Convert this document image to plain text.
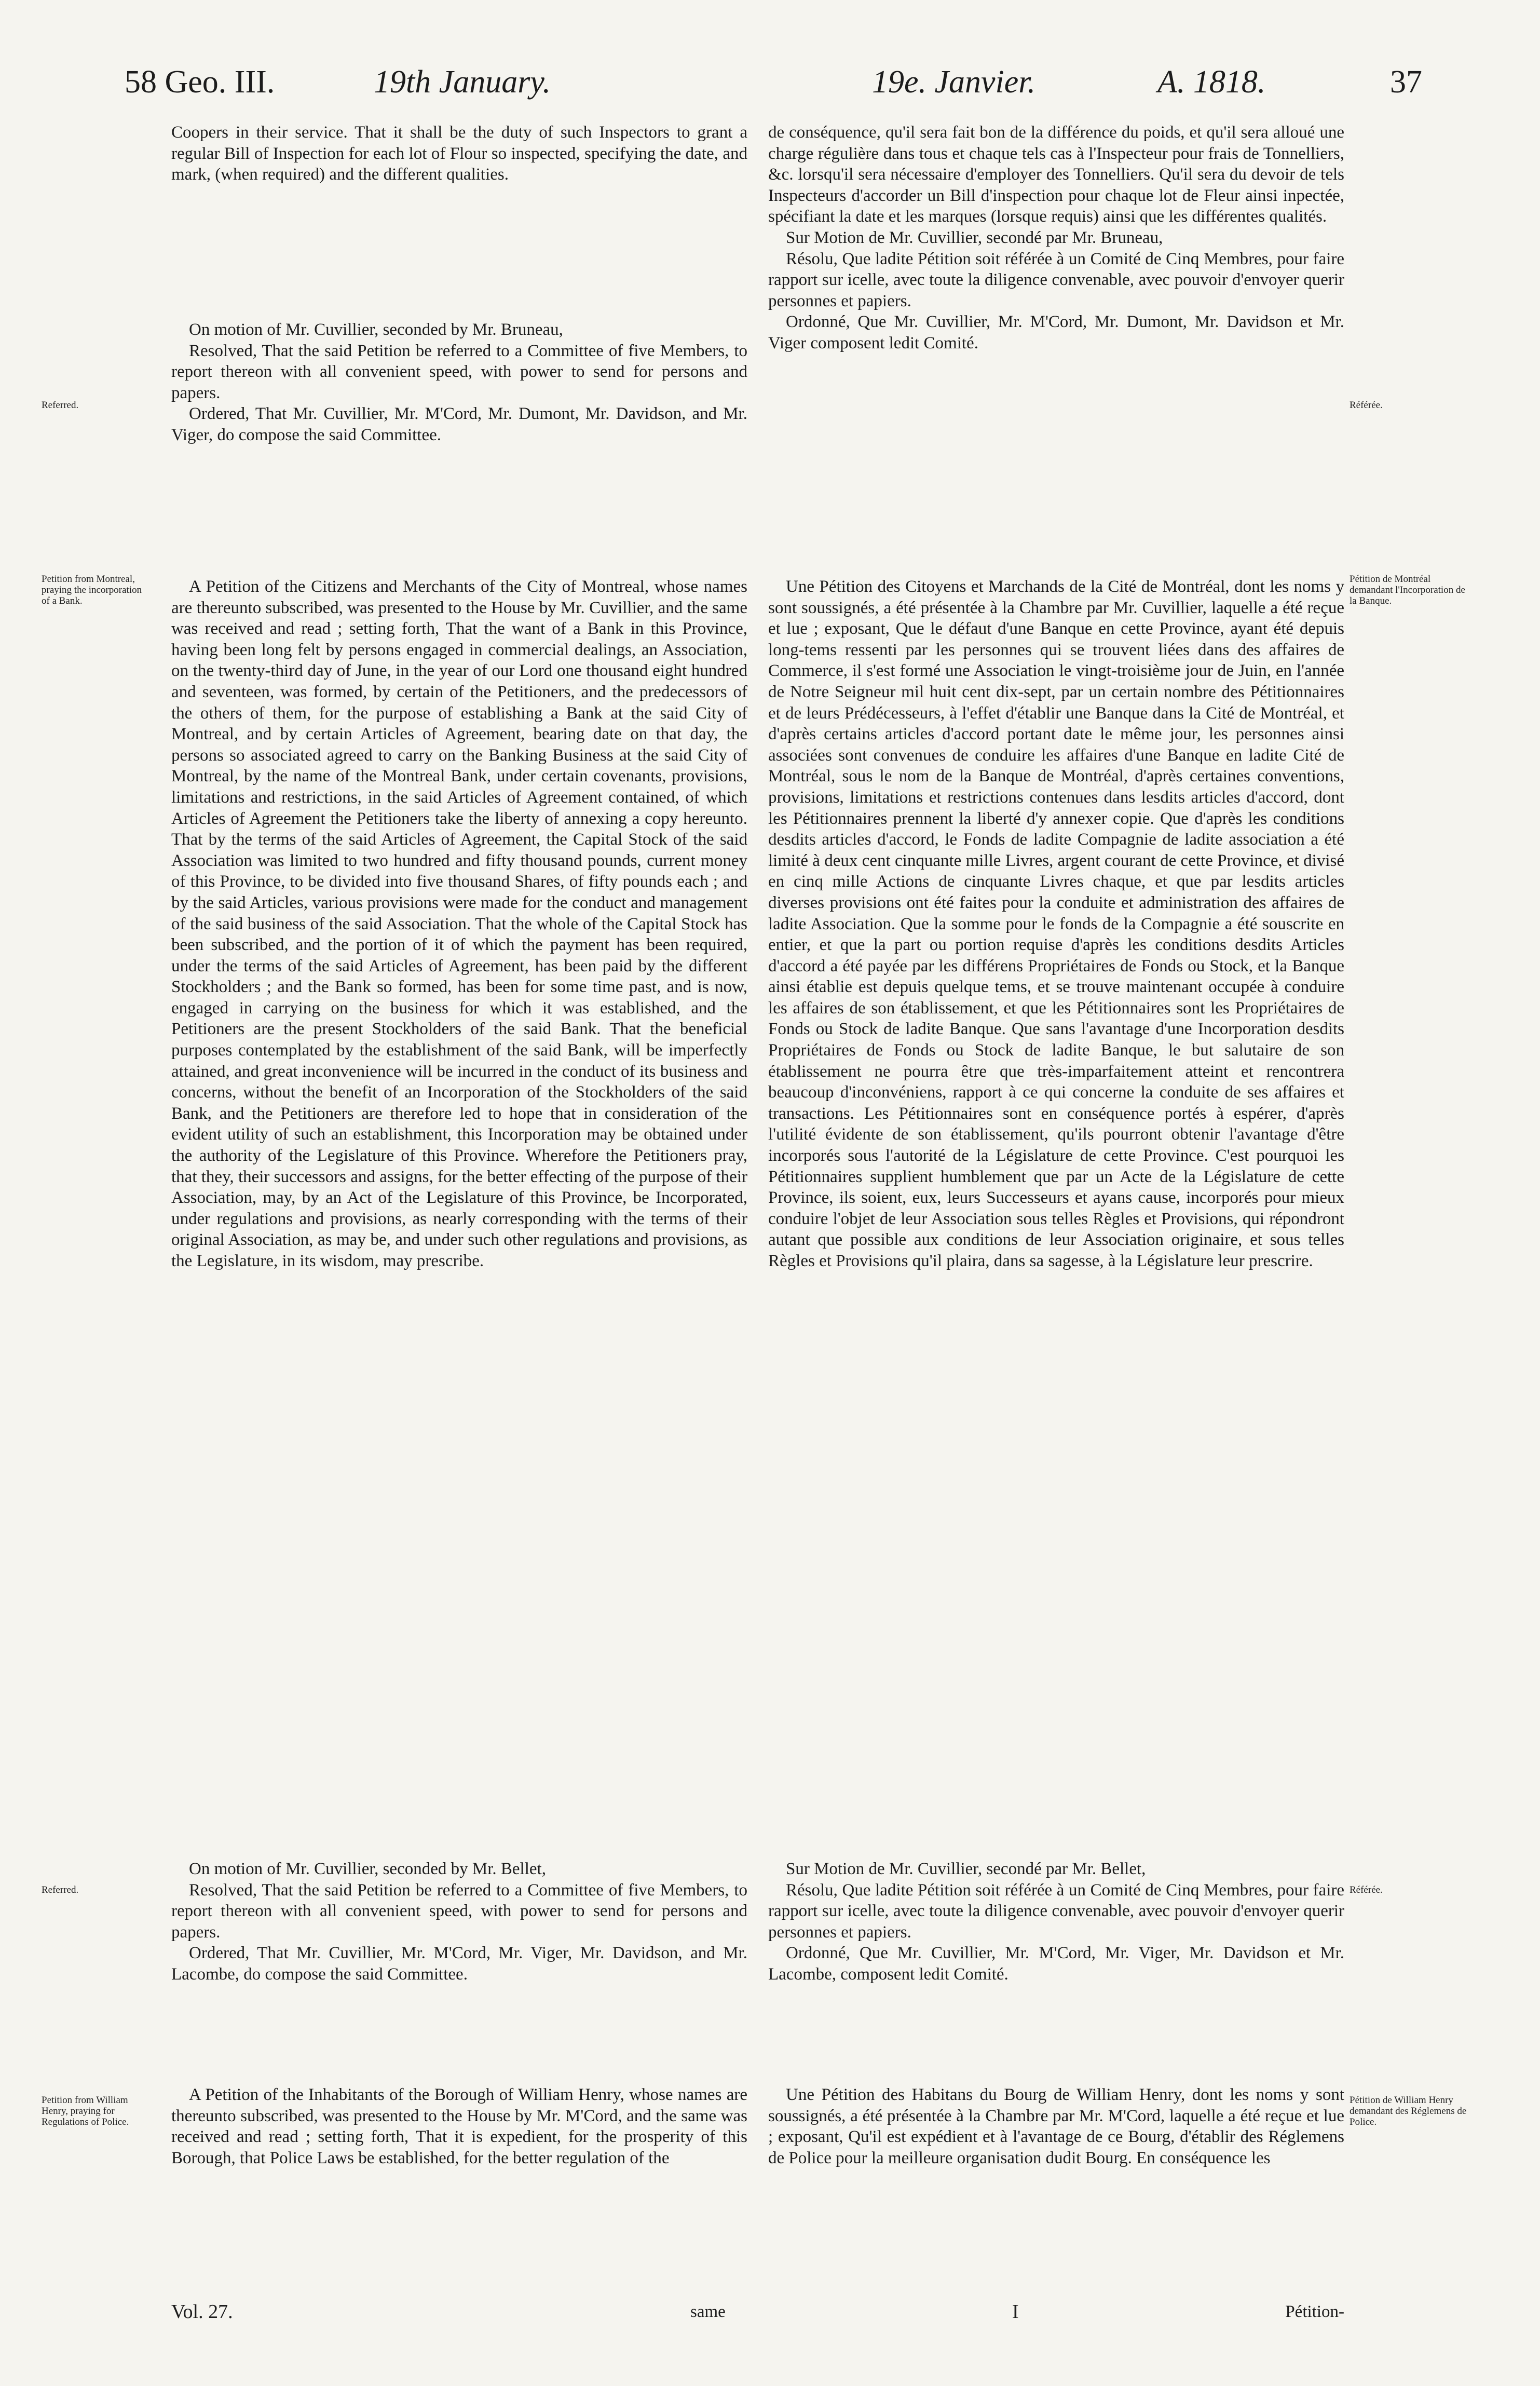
58 Geo. III.	19th January.	19e. Janvier.	A. 1818.	37

Coopers in their service. That it shall be the duty of such Inspectors to grant a regular Bill of Inspection for each lot of Flour so inspected, specifying the date, and mark, (when required) and the different qualities.

On motion of Mr. Cuvillier, seconded by Mr. Bruneau,

Resolved, That the said Petition be referred to a Committee of five Members, to report thereon with all convenient speed, with power to send for persons and papers.

Ordered, That Mr. Cuvillier, Mr. M'Cord, Mr. Dumont, Mr. Davidson, and Mr. Viger, do compose the said Committee.

A Petition of the Citizens and Merchants of the City of Montreal, whose names are thereunto subscribed, was presented to the House by Mr. Cuvillier, and the same was received and read ; setting forth, That the want of a Bank in this Province, having been long felt by persons engaged in commercial dealings, an Association, on the twenty-third day of June, in the year of our Lord one thousand eight hundred and seventeen, was formed, by certain of the Petitioners, and the predecessors of the others of them, for the purpose of establishing a Bank at the said City of Montreal, and by certain Articles of Agreement, bearing date on that day, the persons so associated agreed to carry on the Banking Business at the said City of Montreal, by the name of the Montreal Bank, under certain covenants, provisions, limitations and restrictions, in the said Articles of Agreement contained, of which Articles of Agreement the Petitioners take the liberty of annexing a copy hereunto. That by the terms of the said Articles of Agreement, the Capital Stock of the said Association was limited to two hundred and fifty thousand pounds, current money of this Province, to be divided into five thousand Shares, of fifty pounds each ; and by the said Articles, various provisions were made for the conduct and management of the said business of the said Association. That the whole of the Capital Stock has been subscribed, and the portion of it of which the payment has been required, under the terms of the said Articles of Agreement, has been paid by the different Stockholders ; and the Bank so formed, has been for some time past, and is now, engaged in carrying on the business for which it was established, and the Petitioners are the present Stockholders of the said Bank. That the beneficial purposes contemplated by the establishment of the said Bank, will be imperfectly attained, and great inconvenience will be incurred in the conduct of its business and concerns, without the benefit of an Incorporation of the Stockholders of the said Bank, and the Petitioners are therefore led to hope that in consideration of the evident utility of such an establishment, this Incorporation may be obtained under the authority of the Legislature of this Province. Wherefore the Petitioners pray, that they, their successors and assigns, for the better effecting of the purpose of their Association, may, by an Act of the Legislature of this Province, be Incorporated, under regulations and provisions, as nearly corresponding with the terms of their original Association, as may be, and under such other regulations and provisions, as the Legislature, in its wisdom, may prescribe.

On motion of Mr. Cuvillier, seconded by Mr. Bellet,

Resolved, That the said Petition be referred to a Committee of five Members, to report thereon with all convenient speed, with power to send for persons and papers.

Ordered, That Mr. Cuvillier, Mr. M'Cord, Mr. Viger, Mr. Davidson, and Mr. Lacombe, do compose the said Committee.

A Petition of the Inhabitants of the Borough of William Henry, whose names are thereunto subscribed, was presented to the House by Mr. M'Cord, and the same was received and read ; setting forth, That it is expedient, for the prosperity of this Borough, that Police Laws be established, for the better regulation of the

de conséquence, qu'il sera fait bon de la différence du poids, et qu'il sera alloué une charge régulière dans tous et chaque tels cas à l'Inspecteur pour frais de Tonnelliers, &c. lorsqu'il sera nécessaire d'employer des Tonnelliers. Qu'il sera du devoir de tels Inspecteurs d'accorder un Bill d'inspection pour chaque lot de Fleur ainsi inpectée, spécifiant la date et les marques (lorsque requis) ainsi que les différentes qualités.

Sur Motion de Mr. Cuvillier, secondé par Mr. Bruneau,

Résolu, Que ladite Pétition soit référée à un Comité de Cinq Membres, pour faire rapport sur icelle, avec toute la diligence convenable, avec pouvoir d'envoyer querir personnes et papiers.

Ordonné, Que Mr. Cuvillier, Mr. M'Cord, Mr. Dumont, Mr. Davidson et Mr. Viger composent ledit Comité.

Une Pétition des Citoyens et Marchands de la Cité de Montréal, dont les noms y sont soussignés, a été présentée à la Chambre par Mr. Cuvillier, laquelle a été reçue et lue ; exposant, Que le défaut d'une Banque en cette Province, ayant été depuis long-tems ressenti par les personnes qui se trouvent liées dans des affaires de Commerce, il s'est formé une Association le vingt-troisième jour de Juin, en l'année de Notre Seigneur mil huit cent dix-sept, par un certain nombre des Pétitionnaires et de leurs Prédécesseurs, à l'effet d'établir une Banque dans la Cité de Montréal, et d'après certains articles d'accord portant date le même jour, les personnes ainsi associées sont convenues de conduire les affaires d'une Banque en ladite Cité de Montréal, sous le nom de la Banque de Montréal, d'après certaines conventions, provisions, limitations et restrictions contenues dans lesdits articles d'accord, dont les Pétitionnaires prennent la liberté d'y annexer copie. Que d'après les conditions desdits articles d'accord, le Fonds de ladite Compagnie de ladite association a été limité à deux cent cinquante mille Livres, argent courant de cette Province, et divisé en cinq mille Actions de cinquante Livres chaque, et que par lesdits articles diverses provisions ont été faites pour la conduite et administration des affaires de ladite Association. Que la somme pour le fonds de la Compagnie a été souscrite en entier, et que la part ou portion requise d'après les conditions desdits Articles d'accord a été payée par les différens Propriétaires de Fonds ou Stock, et la Banque ainsi établie est depuis quelque tems, et se trouve maintenant occupée à conduire les affaires de son établissement, et que les Pétitionnaires sont les Propriétaires de Fonds ou Stock de ladite Banque. Que sans l'avantage d'une Incorporation desdits Propriétaires de Fonds ou Stock de ladite Banque, le but salutaire de son établissement ne pourra être que très-imparfaitement atteint et rencontrera beaucoup d'inconvéniens, rapport à ce qui concerne la conduite de ses affaires et transactions. Les Pétitionnaires sont en conséquence portés à espérer, d'après l'utilité évidente de son établissement, qu'ils pourront obtenir l'avantage d'être incorporés sous l'autorité de la Législature de cette Province. C'est pourquoi les Pétitionnaires supplient humblement que par un Acte de la Législature de cette Province, ils soient, eux, leurs Successeurs et ayans cause, incorporés pour mieux conduire l'objet de leur Association sous telles Règles et Provisions, qui répondront autant que possible aux conditions de leur Association originaire, et sous telles Règles et Provisions qu'il plaira, dans sa sagesse, à la Législature leur prescrire.

Sur Motion de Mr. Cuvillier, secondé par Mr. Bellet,

Résolu, Que ladite Pétition soit référée à un Comité de Cinq Membres, pour faire rapport sur icelle, avec toute la diligence convenable, avec pouvoir d'envoyer querir personnes et papiers.

Ordonné, Que Mr. Cuvillier, Mr. M'Cord, Mr. Viger, Mr. Davidson et Mr. Lacombe, composent ledit Comité.

Une Pétition des Habitans du Bourg de William Henry, dont les noms y sont soussignés, a été présentée à la Chambre par Mr. M'Cord, laquelle a été reçue et lue ; exposant, Qu'il est expédient et à l'avantage de ce Bourg, d'établir des Réglemens de Police pour la meilleure organisation dudit Bourg. En conséquence les

Referred.
Petition from Montreal, praying the incorporation of a Bank.
Referred.
Petition from William Henry, praying for Regulations of Police.
Référée.
Pétition de Montréal demandant l'Incorporation de la Banque.
Référée.
Pétition de William Henry demandant des Réglemens de Police.
Vol. 27.	same	I	Pétition-
